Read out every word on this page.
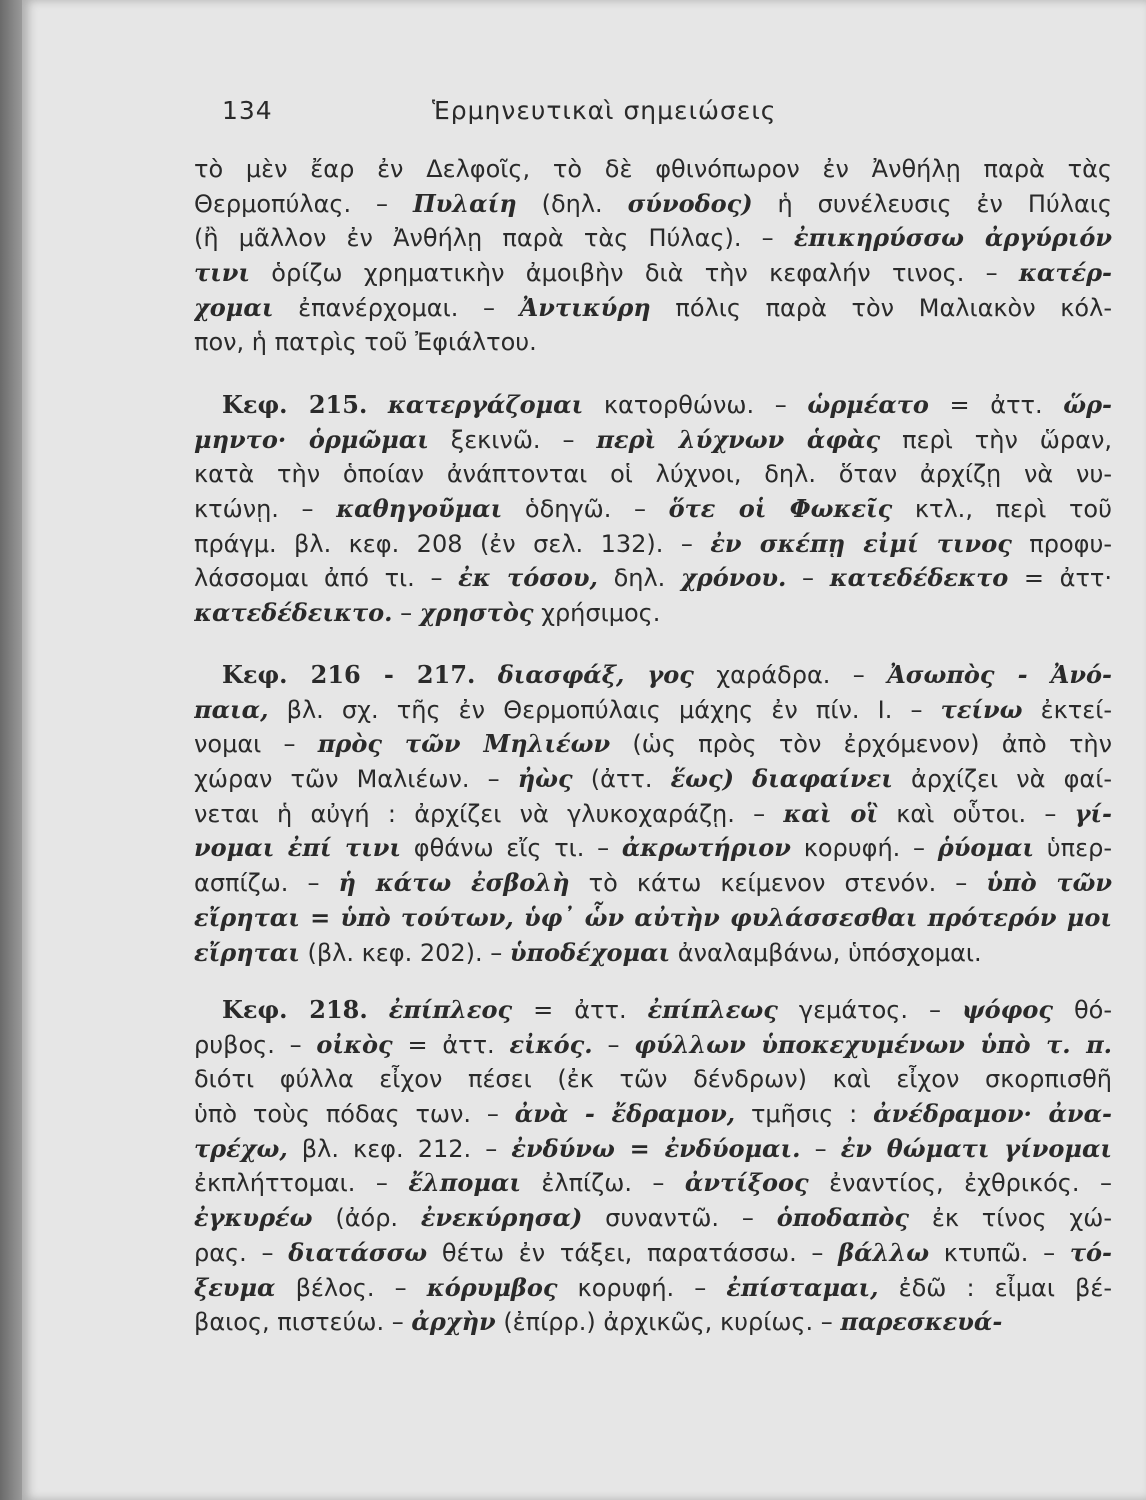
134	Ἑρμηνευτικαὶ σημειώσεις
τὸ μὲν ἔαρ ἐν Δελφοῖς, τὸ δὲ φθινόπωρον ἐν Ἀνθήλῃ παρὰ τὰς
Θερμοπύλας. – Πυλαίη (δηλ. σύνοδος) ἡ συνέλευσις ἐν Πύλαις
(ἢ μᾶλλον ἐν Ἀνθήλῃ παρὰ τὰς Πύλας). – ἐπικηρύσσω ἀργύριόν
τινι ὁρίζω χρηματικὴν ἀμοιβὴν διὰ τὴν κεφαλήν τινος. – κατέρ-
χομαι ἐπανέρχομαι. – Ἀντικύρη πόλις παρὰ τὸν Μαλιακὸν κόλ-
πον, ἡ πατρὶς τοῦ Ἐφιάλτου.
Κεφ. 215. κατεργάζομαι κατορθώνω. – ὡρμέατο = ἀττ. ὥρ-
μηντο· ὁρμῶμαι ξεκινῶ. – περὶ λύχνων ἁφὰς περὶ τὴν ὥραν,
κατὰ τὴν ὁποίαν ἀνάπτονται οἱ λύχνοι, δηλ. ὅταν ἀρχίζῃ νὰ νυ-
κτώνῃ. – καθηγοῦμαι ὁδηγῶ. – ὅτε οἱ Φωκεῖς κτλ., περὶ τοῦ
πράγμ. βλ. κεφ. 208 (ἐν σελ. 132). – ἐν σκέπῃ εἰμί τινος προφυ-
λάσσομαι ἀπό τι. – ἐκ τόσου, δηλ. χρόνου. – κατεδέδεκτο = ἀττ·
κατεδέδεικτο. – χρηστὸς χρήσιμος.
Κεφ. 216 - 217. διασφάξ, γος χαράδρα. – Ἀσωπὸς - Ἀνό-
παια, βλ. σχ. τῆς ἐν Θερμοπύλαις μάχης ἐν πίν. Ι. – τείνω ἐκτεί-
νομαι – πρὸς τῶν Μηλιέων (ὡς πρὸς τὸν ἐρχόμενον) ἀπὸ τὴν
χώραν τῶν Μαλιέων. – ἠὼς (ἀττ. ἕως) διαφαίνει ἀρχίζει νὰ φαί-
νεται ἡ αὐγή : ἀρχίζει νὰ γλυκοχαράζῃ. – καὶ οἳ καὶ οὗτοι. – γί-
νομαι ἐπί τινι φθάνω εἴς τι. – ἀκρωτήριον κορυφή. – ῥύομαι ὑπερ-
ασπίζω. – ἡ κάτω ἐσβολὴ τὸ κάτω κείμενον στενόν. – ὑπὸ τῶν
εἴρηται = ὑπὸ τούτων, ὑφ᾽ ὧν αὐτὴν φυλάσσεσθαι πρότερόν μοι
εἴρηται (βλ. κεφ. 202). – ὑποδέχομαι ἀναλαμβάνω, ὑπόσχομαι.
Κεφ. 218. ἐπίπλεος = ἀττ. ἐπίπλεως γεμάτος. – ψόφος θό-
ρυβος. – οἰκὸς = ἀττ. εἰκός. – φύλλων ὑποκεχυμένων ὑπὸ τ. π.
διότι φύλλα εἶχον πέσει (ἐκ τῶν δένδρων) καὶ εἶχον σκορπισθῆ
ὑπὸ τοὺς πόδας των. – ἀνὰ - ἔδραμον, τμῆσις : ἀνέδραμον· ἀνα-
τρέχω, βλ. κεφ. 212. – ἐνδύνω = ἐνδύομαι. – ἐν θώματι γίνομαι
ἐκπλήττομαι. – ἔλπομαι ἐλπίζω. – ἀντίξοος ἐναντίος, ἐχθρικός. –
ἐγκυρέω (ἀόρ. ἐνεκύρησα) συναντῶ. – ὁποδαπὸς ἐκ τίνος χώ-
ρας. – διατάσσω θέτω ἐν τάξει, παρατάσσω. – βάλλω κτυπῶ. – τό-
ξευμα βέλος. – κόρυμβος κορυφή. – ἐπίσταμαι, ἐδῶ : εἶμαι βέ-
βαιος, πιστεύω. – ἀρχὴν (ἐπίρρ.) ἀρχικῶς, κυρίως. – παρεσκευά-
